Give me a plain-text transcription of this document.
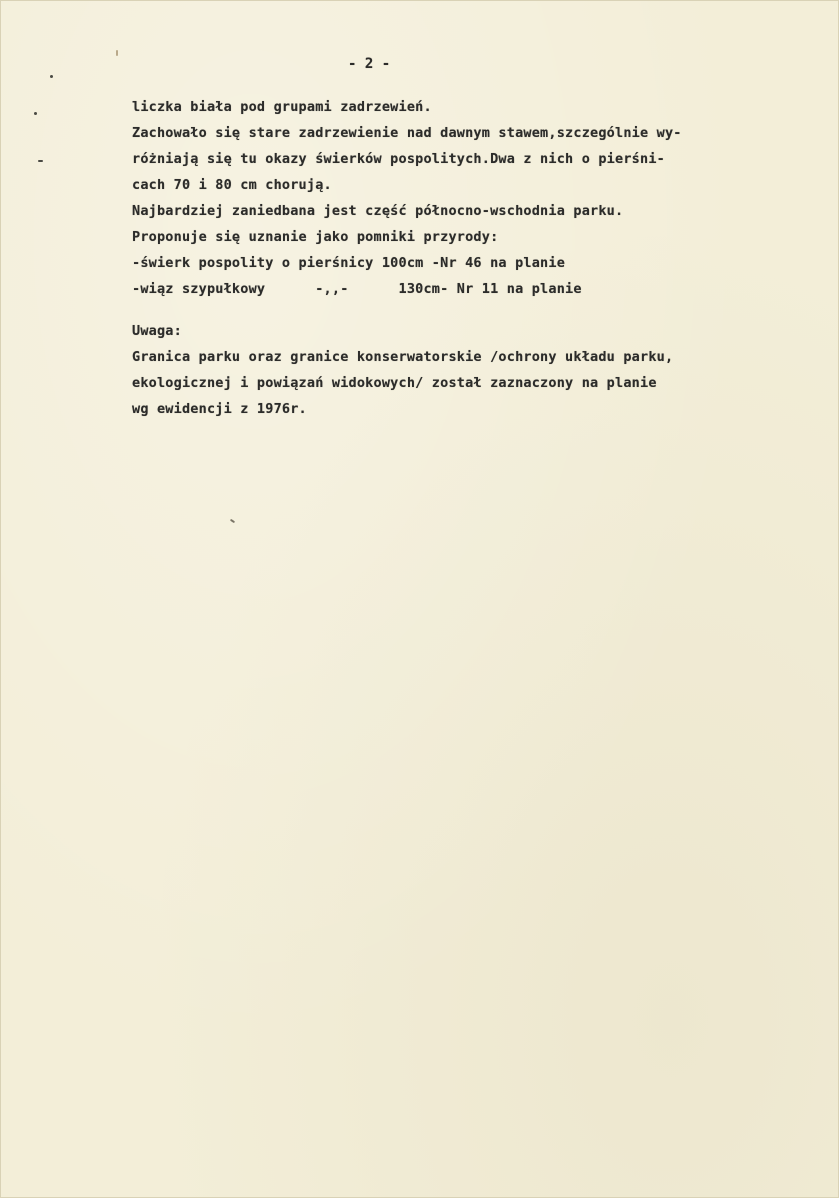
- 2 -
liczka biała pod grupami zadrzewień.
Zachowało się stare zadrzewienie nad dawnym stawem,szczególnie wy-
różniają się tu okazy świerków pospolitych.Dwa z nich o pierśni-
cach 70 i 80 cm chorują.
Najbardziej zaniedbana jest część północno-wschodnia parku.
Proponuje się uznanie jako pomniki przyrody:
-świerk pospolity o pierśnicy 100cm -Nr 46 na planie
-wiąz szypułkowy      -,,-      130cm- Nr 11 na planie
Uwaga:
Granica parku oraz granice konserwatorskie /ochrony układu parku,
ekologicznej i powiązań widokowych/ został zaznaczony na planie
wg ewidencji z 1976r.
